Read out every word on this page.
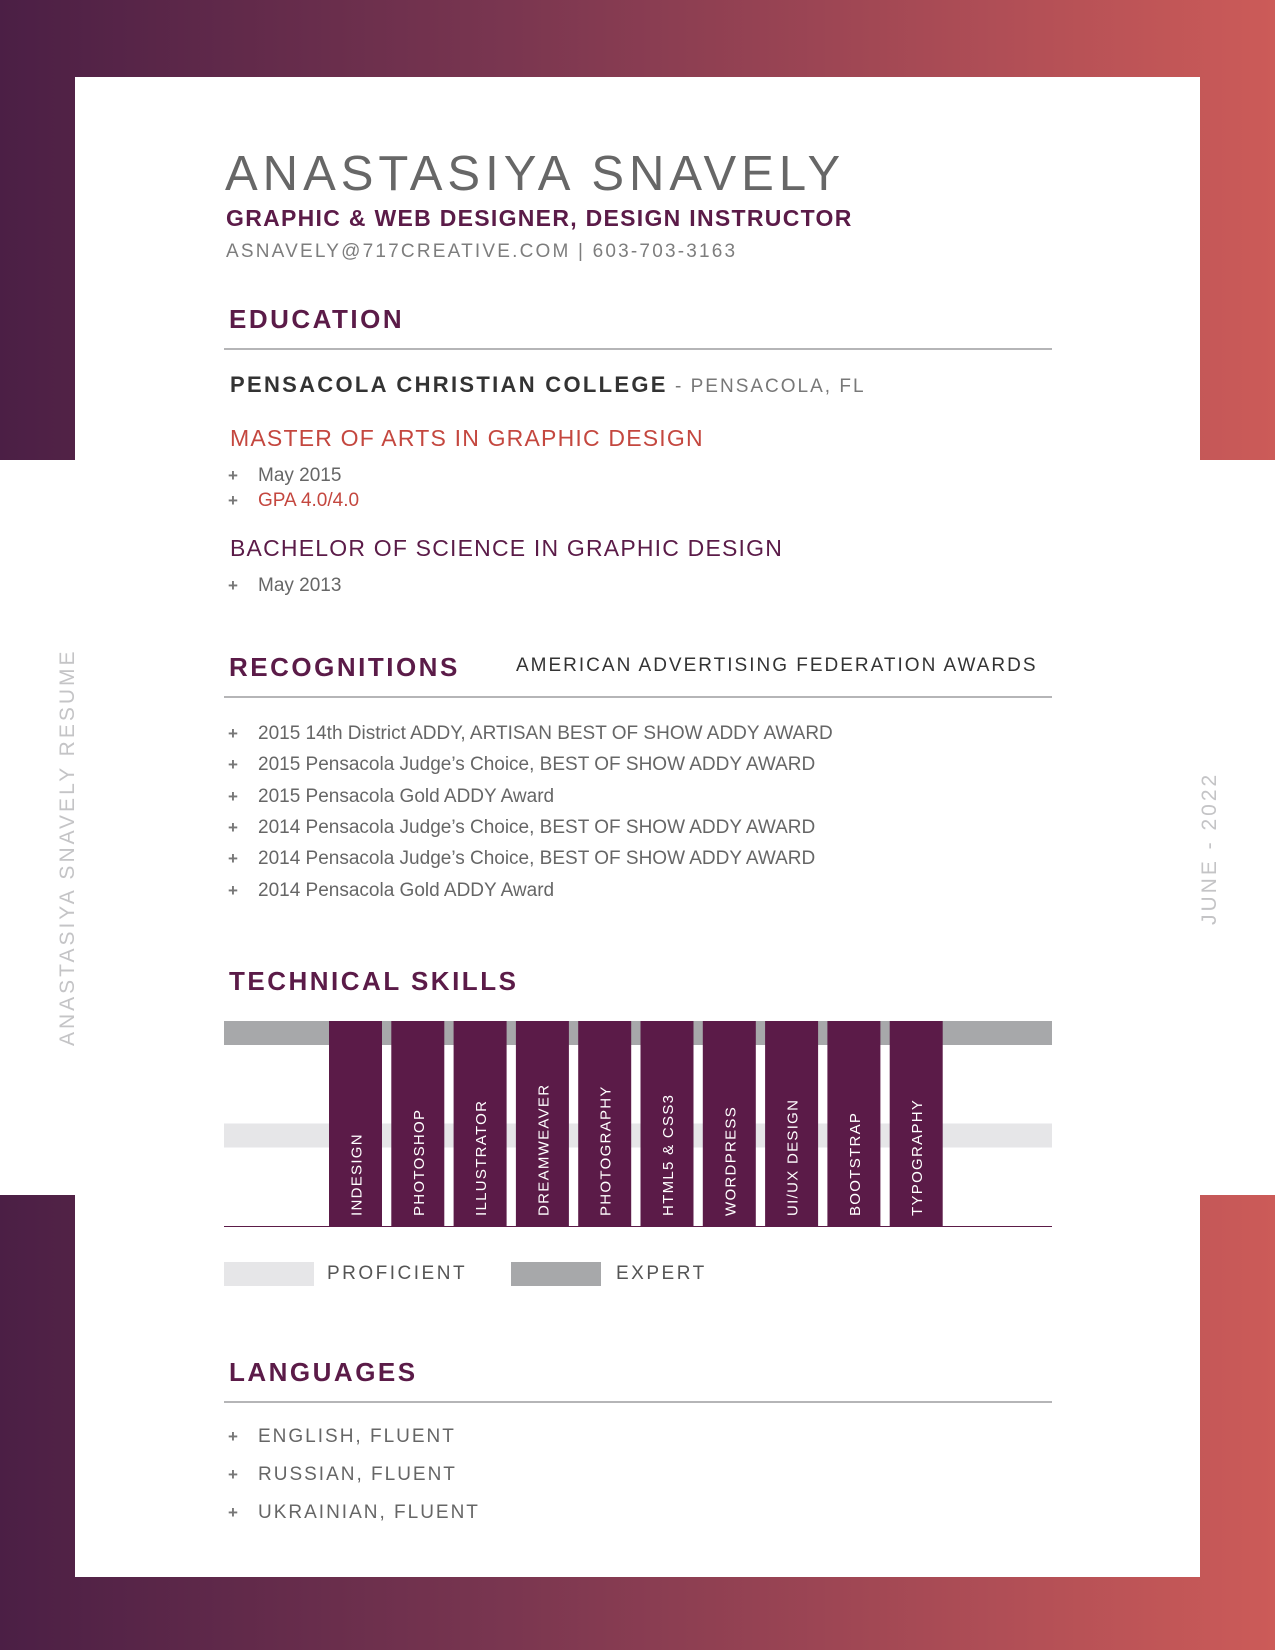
ANASTASIYA SNAVELY RESUME	JUNE - 2022
ANASTASIYA SNAVELY
GRAPHIC & WEB DESIGNER, DESIGN INSTRUCTOR
ASNAVELY@717CREATIVE.COM | 603-703-3163
EDUCATION
PENSACOLA CHRISTIAN COLLEGE - PENSACOLA, FL
MASTER OF ARTS IN GRAPHIC DESIGN
+ May 2015
+ GPA 4.0/4.0
BACHELOR OF SCIENCE IN GRAPHIC DESIGN
+ May 2013
RECOGNITIONS	AMERICAN ADVERTISING FEDERATION AWARDS
+ 2015 14th District ADDY, ARTISAN BEST OF SHOW ADDY AWARD
+ 2015 Pensacola Judge’s Choice, BEST OF SHOW ADDY AWARD
+ 2015 Pensacola Gold ADDY Award
+ 2014 Pensacola Judge’s Choice, BEST OF SHOW ADDY AWARD
+ 2014 Pensacola Judge’s Choice, BEST OF SHOW ADDY AWARD
+ 2014 Pensacola Gold ADDY Award
TECHNICAL SKILLS
INDESIGN	PHOTOSHOP	ILLUSTRATOR	DREAMWEAVER	PHOTOGRAPHY	HTML5 & CSS3	WORDPRESS	UI/UX DESIGN	BOOTSTRAP	TYPOGRAPHY
PROFICIENT	EXPERT
LANGUAGES
+ ENGLISH, FLUENT
+ RUSSIAN, FLUENT
+ UKRAINIAN, FLUENT
